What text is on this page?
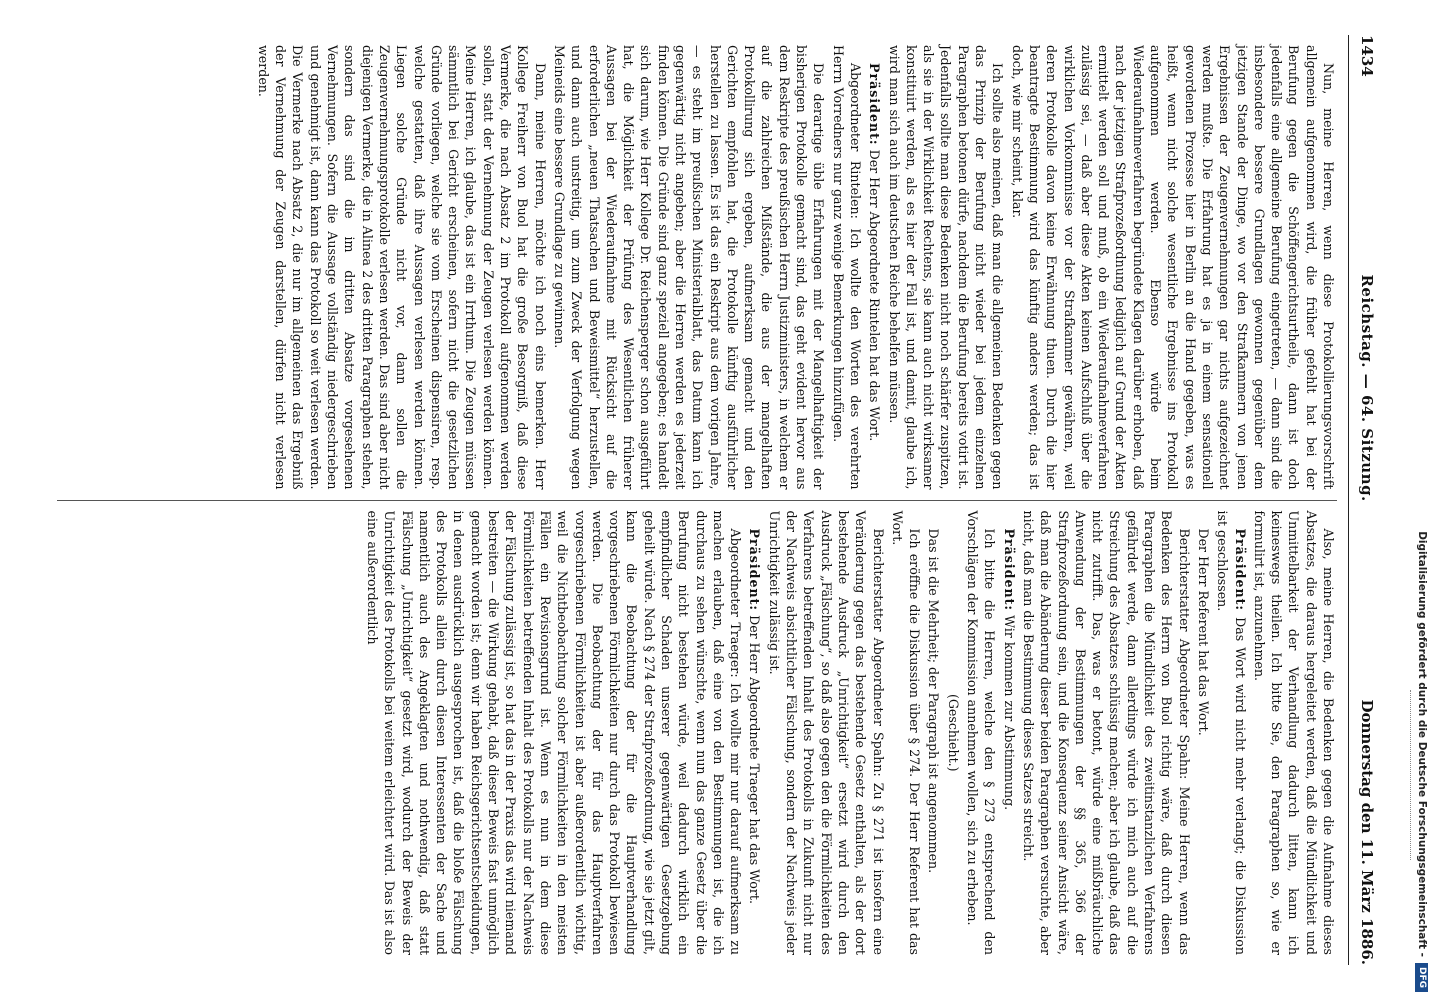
1434
Reichstag. — 64. Sitzung.
Donnerstag den 11. März 1886.

Nun, meine Herren, wenn diese Protokollierungsvorschrift allgemein aufgenommen wird, die früher gefehlt hat bei der Berufung gegen die Schöffengerichtsurtheile, dann ist doch jedenfalls eine allgemeine Berufung eingetreten, — dann sind die insbesondere bessere Grundlagen gewonnen gegenüber dem jetzigen Stande der Dinge, wo vor den Strafkammern von jenen Ergebnissen der Zeugenvernehmungen gar nichts aufgezeichnet werden mußte. Die Erfahrung hat es ja in einem sensationell gewordenen Prozesse hier in Berlin an die Hand gegeben, was es heißt, wenn nicht solche wesentliche Ergebnisse ins Protokoll aufgenommen werden. Ebenso würde beim Wiederaufnahmeverfahren begründete Klagen darüber erhoben, daß nach der jetzigen Strafprozeßordnung lediglich auf Grund der Akten ermittelt werden soll und muß, ob ein Wiederaufnahmeverfahren zulässig sei, — daß aber diese Akten keinen Aufschluß über die wirklichen Vorkommnisse vor der Strafkammer gewähren, weil deren Protokolle davon keine Erwähnung thuen. Durch die hier beantragte Bestimmung wird das künftig anders werden; das ist doch, wie mir scheint, klar.

Ich sollte also meinen, daß man die allgemeinen Bedenken gegen das Prinzip der Berufung nicht wieder bei jedem einzelnen Paragraphen betonen dürfe, nachdem die Berufung bereits votirt ist. Jedenfalls sollte man diese Bedenken nicht noch schärfer zuspitzen, als sie in der Wirklichkeit Rechtens, sie kann auch nicht wirksamer konstituirt werden, als es hier der Fall ist, und damit, glaube ich, wird man sich auch im deutschen Reiche behelfen müssen.

Präsident: Der Herr Abgeordnete Rintelen hat das Wort.

Abgeordneter Rintelen: Ich wollte den Worten des verehrten Herrn Vorredners nur ganz wenige Bemerkungen hinzufügen.

Die derartige üble Erfahrungen mit der Mangelhaftigkeit der bisherigen Protokolle gemacht sind, das geht evident hervor aus dem Reskripte des preußischen Herrn Justizministers, in welchem er auf die zahlreichen Mißstände, die aus der mangelhaften Protokollirung sich ergeben, aufmerksam gemacht und den Gerichten empfohlen hat, die Protokolle künftig ausführlicher herstellen zu lassen. Es ist das ein Reskript aus dem vorigen Jahre, — es steht im preußischen Ministerialblatt, das Datum kann ich gegenwärtig nicht angeben; aber die Herren werden es jederzeit finden können. Die Gründe sind ganz speziell angegeben; es handelt sich darum, wie Herr Kollege Dr. Reichensperger schon ausgeführt hat, die Möglichkeit der Prüfung des Wesentlichen früherer Aussagen bei der Wiederaufnahme mit Rücksicht auf die erforderlichen „neuen Thatsachen und Beweismittel“ herzustellen, und dann auch unstreitig, um zum Zweck der Verfolgung wegen Meineids eine bessere Grundlage zu gewinnen.

Dann, meine Herren, möchte ich noch eins bemerken. Herr Kollege Freiherr von Buol hat die große Besorgniß, daß diese Vermerke, die nach Absatz 2 im Protokoll aufgenommen werden sollen, statt der Vernehmung der Zeugen verlesen werden können. Meine Herren, ich glaube, das ist ein Irrthum. Die Zeugen müssen sämmtlich bei Gericht erscheinen, sofern nicht die gesetzlichen Gründe vorliegen, welche sie vom Erscheinen dispensiren, resp. welche gestatten, daß ihre Aussagen verlesen werden können. Liegen solche Gründe nicht vor, dann sollen die Zeugenvernehmungsprotokolle verlesen werden. Das sind aber nicht diejenigen Vermerke, die in Alinea 2 des dritten Paragraphen stehen, sondern das sind die im dritten Absatze vorgesehenen Vernehmungen. Sofern die Aussage vollständig niedergeschrieben und genehmigt ist, dann kann das Protokoll so weit verlesen werden. Die Vermerke nach Absatz 2, die nur im allgemeinen das Ergebniß der Vernehmung der Zeugen darstellen, dürfen nicht verlesen werden.

Also, meine Herren, die Bedenken gegen die Aufnahme dieses Absatzes, die daraus hergeleitet werden, daß die Mündlichkeit und Unmittelbarkeit der Verhandlung dadurch litten, kann ich keineswegs theilen. Ich bitte Sie, den Paragraphen so, wie er formulirt ist, anzunehmen.

Präsident: Das Wort wird nicht mehr verlangt; die Diskussion ist geschlossen.

Der Herr Referent hat das Wort.

Berichterstatter Abgeordneter Spahn: Meine Herren, wenn das Bedenken des Herrn von Buol richtig wäre, daß durch diesen Paragraphen die Mündlichkeit des zweitinstanzlichen Verfahrens gefährdet werde, dann allerdings würde ich mich auch auf die Streichung des Absatzes schlüssig machen; aber ich glaube, daß das nicht zutrifft. Das, was er betont, würde eine mißbräuchliche Anwendung der Bestimmungen der §§ 365, 366 der Strafprozeßordnung sein, und die Konsequenz seiner Ansicht wäre, daß man die Abänderung dieser beiden Paragraphen versuchte, aber nicht, daß man die Bestimmung dieses Satzes streicht.

Präsident: Wir kommen zur Abstimmung.

Ich bitte die Herren, welche den § 273 entsprechend den Vorschlägen der Kommission annehmen wollen, sich zu erheben.

(Geschieht.)

Das ist die Mehrheit; der Paragraph ist angenommen.

Ich eröffne die Diskussion über § 274. Der Herr Referent hat das Wort.

Berichterstatter Abgeordneter Spahn: Zu § 271 ist insofern eine Veränderung gegen das bestehende Gesetz enthalten, als der dort bestehende Ausdruck „Unrichtigkeit“ ersetzt wird durch den Ausdruck „Fälschung“, so daß also gegen den die Förmlichkeiten des Verfahrens betreffenden Inhalt des Protokolls in Zukunft nicht nur der Nachweis absichtlicher Fälschung, sondern der Nachweis jeder Unrichtigkeit zulässig ist.

Präsident: Der Herr Abgeordnete Traeger hat das Wort.

Abgeordneter Traeger: Ich wollte mir nur darauf aufmerksam zu machen erlauben, daß eine von den Bestimmungen ist, die ich durchaus zu sehen wünschte, wenn nun das ganze Gesetz über die Berufung nicht bestehen würde, weil dadurch wirklich ein empfindlicher Schaden unserer gegenwärtigen Gesetzgebung geheilt würde. Nach § 274 der Strafprozeßordnung, wie sie jetzt gilt, kann die Beobachtung der für die Hauptverhandlung vorgeschriebenen Förmlichkeiten nur durch das Protokoll bewiesen werden. Die Beobachtung der für das Hauptverfahren vorgeschriebenen Förmlichkeiten ist aber außerordentlich wichtig, weil die Nichtbeobachtung solcher Förmlichkeiten in den meisten Fällen ein Revisionsgrund ist. Wenn es nun in dem diese Förmlichkeiten betreffenden Inhalt des Protokolls nur der Nachweis der Fälschung zulässig ist, so hat das in der Praxis das wird niemand bestreiten — die Wirkung gehabt, daß dieser Beweis fast unmöglich gemacht worden ist; denn wir haben Reichsgerichtsentscheidungen, in denen ausdrücklich ausgesprochen ist, daß die bloße Fälschung des Protokolls allein durch diesen Interessenten der Sache und namentlich auch des Angeklagten und nothwendig, daß statt Fälschung „Unrichtigkeit“ gesetzt wird, wodurch der Beweis der Unrichtigkeit des Protokolls bei weitem erleichtert wird. Das ist also eine außerordentlich	Digitalisierung gefördert durch die Deutsche Forschungsgemeinschaft -
DFG
